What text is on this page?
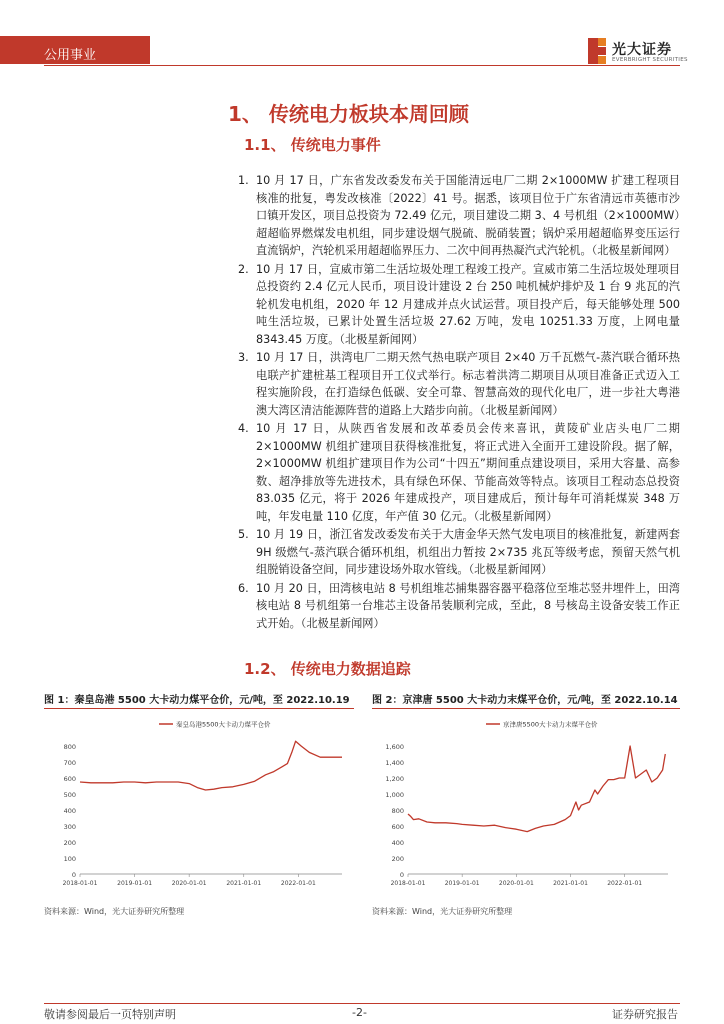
公用事业	光大证券
EVERBRIGHT SECURITIES
1、 传统电力板块本周回顾
1.1、 传统电力事件
1. 10 月 17 日，广东省发改委发布关于国能清远电厂二期 2×1000MW 扩建工程项目核准的批复，粤发改核准〔2022〕41 号。据悉，该项目位于广东省清远市英德市沙口镇开发区，项目总投资为 72.49 亿元，项目建设二期 3、4 号机组（2×1000MW）超超临界燃煤发电机组，同步建设烟气脱硫、脱硝装置；锅炉采用超超临界变压运行直流锅炉，汽轮机采用超超临界压力、二次中间再热凝汽式汽轮机。（北极星新闻网）
2. 10 月 17 日，宣威市第二生活垃圾处理工程竣工投产。宣威市第二生活垃圾处理项目总投资约 2.4 亿元人民币，项目设计建设 2 台 250 吨机械炉排炉及 1 台 9 兆瓦的汽轮机发电机组，2020 年 12 月建成并点火试运营。项目投产后，每天能够处理 500 吨生活垃圾，已累计处置生活垃圾 27.62 万吨，发电 10251.33 万度，上网电量 8343.45 万度。（北极星新闻网）
3. 10 月 17 日，洪湾电厂二期天然气热电联产项目 2×40 万千瓦燃气-蒸汽联合循环热电联产扩建桩基工程项目开工仪式举行。标志着洪湾二期项目从项目准备正式迈入工程实施阶段，在打造绿色低碳、安全可靠、智慧高效的现代化电厂，进一步社大粤港澳大湾区清洁能源阵营的道路上大踏步向前。（北极星新闻网）
4. 10 月 17 日，从陕西省发展和改革委员会传来喜讯，黄陵矿业店头电厂二期 2×1000MW 机组扩建项目获得核准批复，将正式进入全面开工建设阶段。据了解，2×1000MW 机组扩建项目作为公司“十四五”期间重点建设项目，采用大容量、高参数、超净排放等先进技术，具有绿色环保、节能高效等特点。该项目工程动态总投资 83.035 亿元，将于 2026 年建成投产，项目建成后，预计每年可消耗煤炭 348 万吨，年发电量 110 亿度，年产值 30 亿元。（北极星新闻网）
5. 10 月 19 日，浙江省发改委发布关于大唐金华天然气发电项目的核准批复，新建两套 9H 级燃气-蒸汽联合循环机组，机组出力暂按 2×735 兆瓦等级考虑，预留天然气机组脱销设备空间，同步建设场外取水管线。（北极星新闻网）
6. 10 月 20 日，田湾核电站 8 号机组堆芯捕集器容器平稳落位至堆芯竖井埋件上，田湾核电站 8 号机组第一台堆芯主设备吊装顺利完成，至此，8 号核岛主设备安装工作正式开始。（北极星新闻网）
1.2、 传统电力数据追踪
图 1：秦皇岛港 5500 大卡动力煤平仓价，元/吨，至 2022.10.19	图 2：京津唐 5500 大卡动力末煤平仓价，元/吨，至 2022.10.14
0
100
200
300
400
500
600
700
800
2018-01-01	2019-01-01	2020-01-01	2021-01-01	2022-01-01
秦皇岛港5500大卡动力煤平仓价
0
200
400
600
800
1,000
1,200
1,400
1,600
2018-01-01	2019-01-01	2020-01-01	2021-01-01	2022-01-01
京津唐5500大卡动力末煤平仓价
资料来源：Wind，光大证券研究所整理	资料来源：Wind，光大证券研究所整理
敬请参阅最后一页特别声明	-2-	证券研究报告
